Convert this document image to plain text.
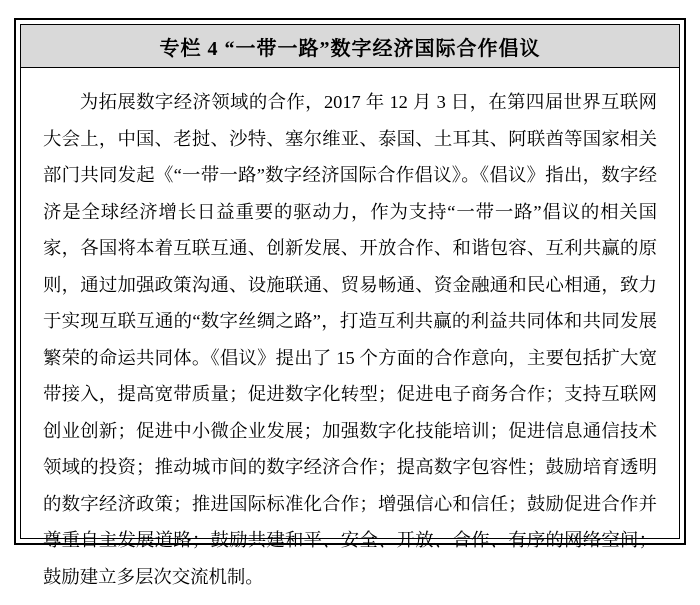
专栏 4 “一带一路”数字经济国际合作倡议

为拓展数字经济领域的合作，2017 年 12 月 3 日，在第四届世界互联网大会上，中国、老挝、沙特、塞尔维亚、泰国、土耳其、阿联酋等国家相关部门共同发起《“一带一路”数字经济国际合作倡议》。《倡议》指出，数字经济是全球经济增长日益重要的驱动力，作为支持“一带一路”倡议的相关国家，各国将本着互联互通、创新发展、开放合作、和谐包容、互利共赢的原则，通过加强政策沟通、设施联通、贸易畅通、资金融通和民心相通，致力于实现互联互通的“数字丝绸之路”，打造互利共赢的利益共同体和共同发展繁荣的命运共同体。《倡议》提出了 15 个方面的合作意向，主要包括扩大宽带接入，提高宽带质量；促进数字化转型；促进电子商务合作；支持互联网创业创新；促进中小微企业发展；加强数字化技能培训；促进信息通信技术领域的投资；推动城市间的数字经济合作；提高数字包容性；鼓励培育透明的数字经济政策；推进国际标准化合作；增强信心和信任；鼓励促进合作并尊重自主发展道路；鼓励共建和平、安全、开放、合作、有序的网络空间；鼓励建立多层次交流机制。
